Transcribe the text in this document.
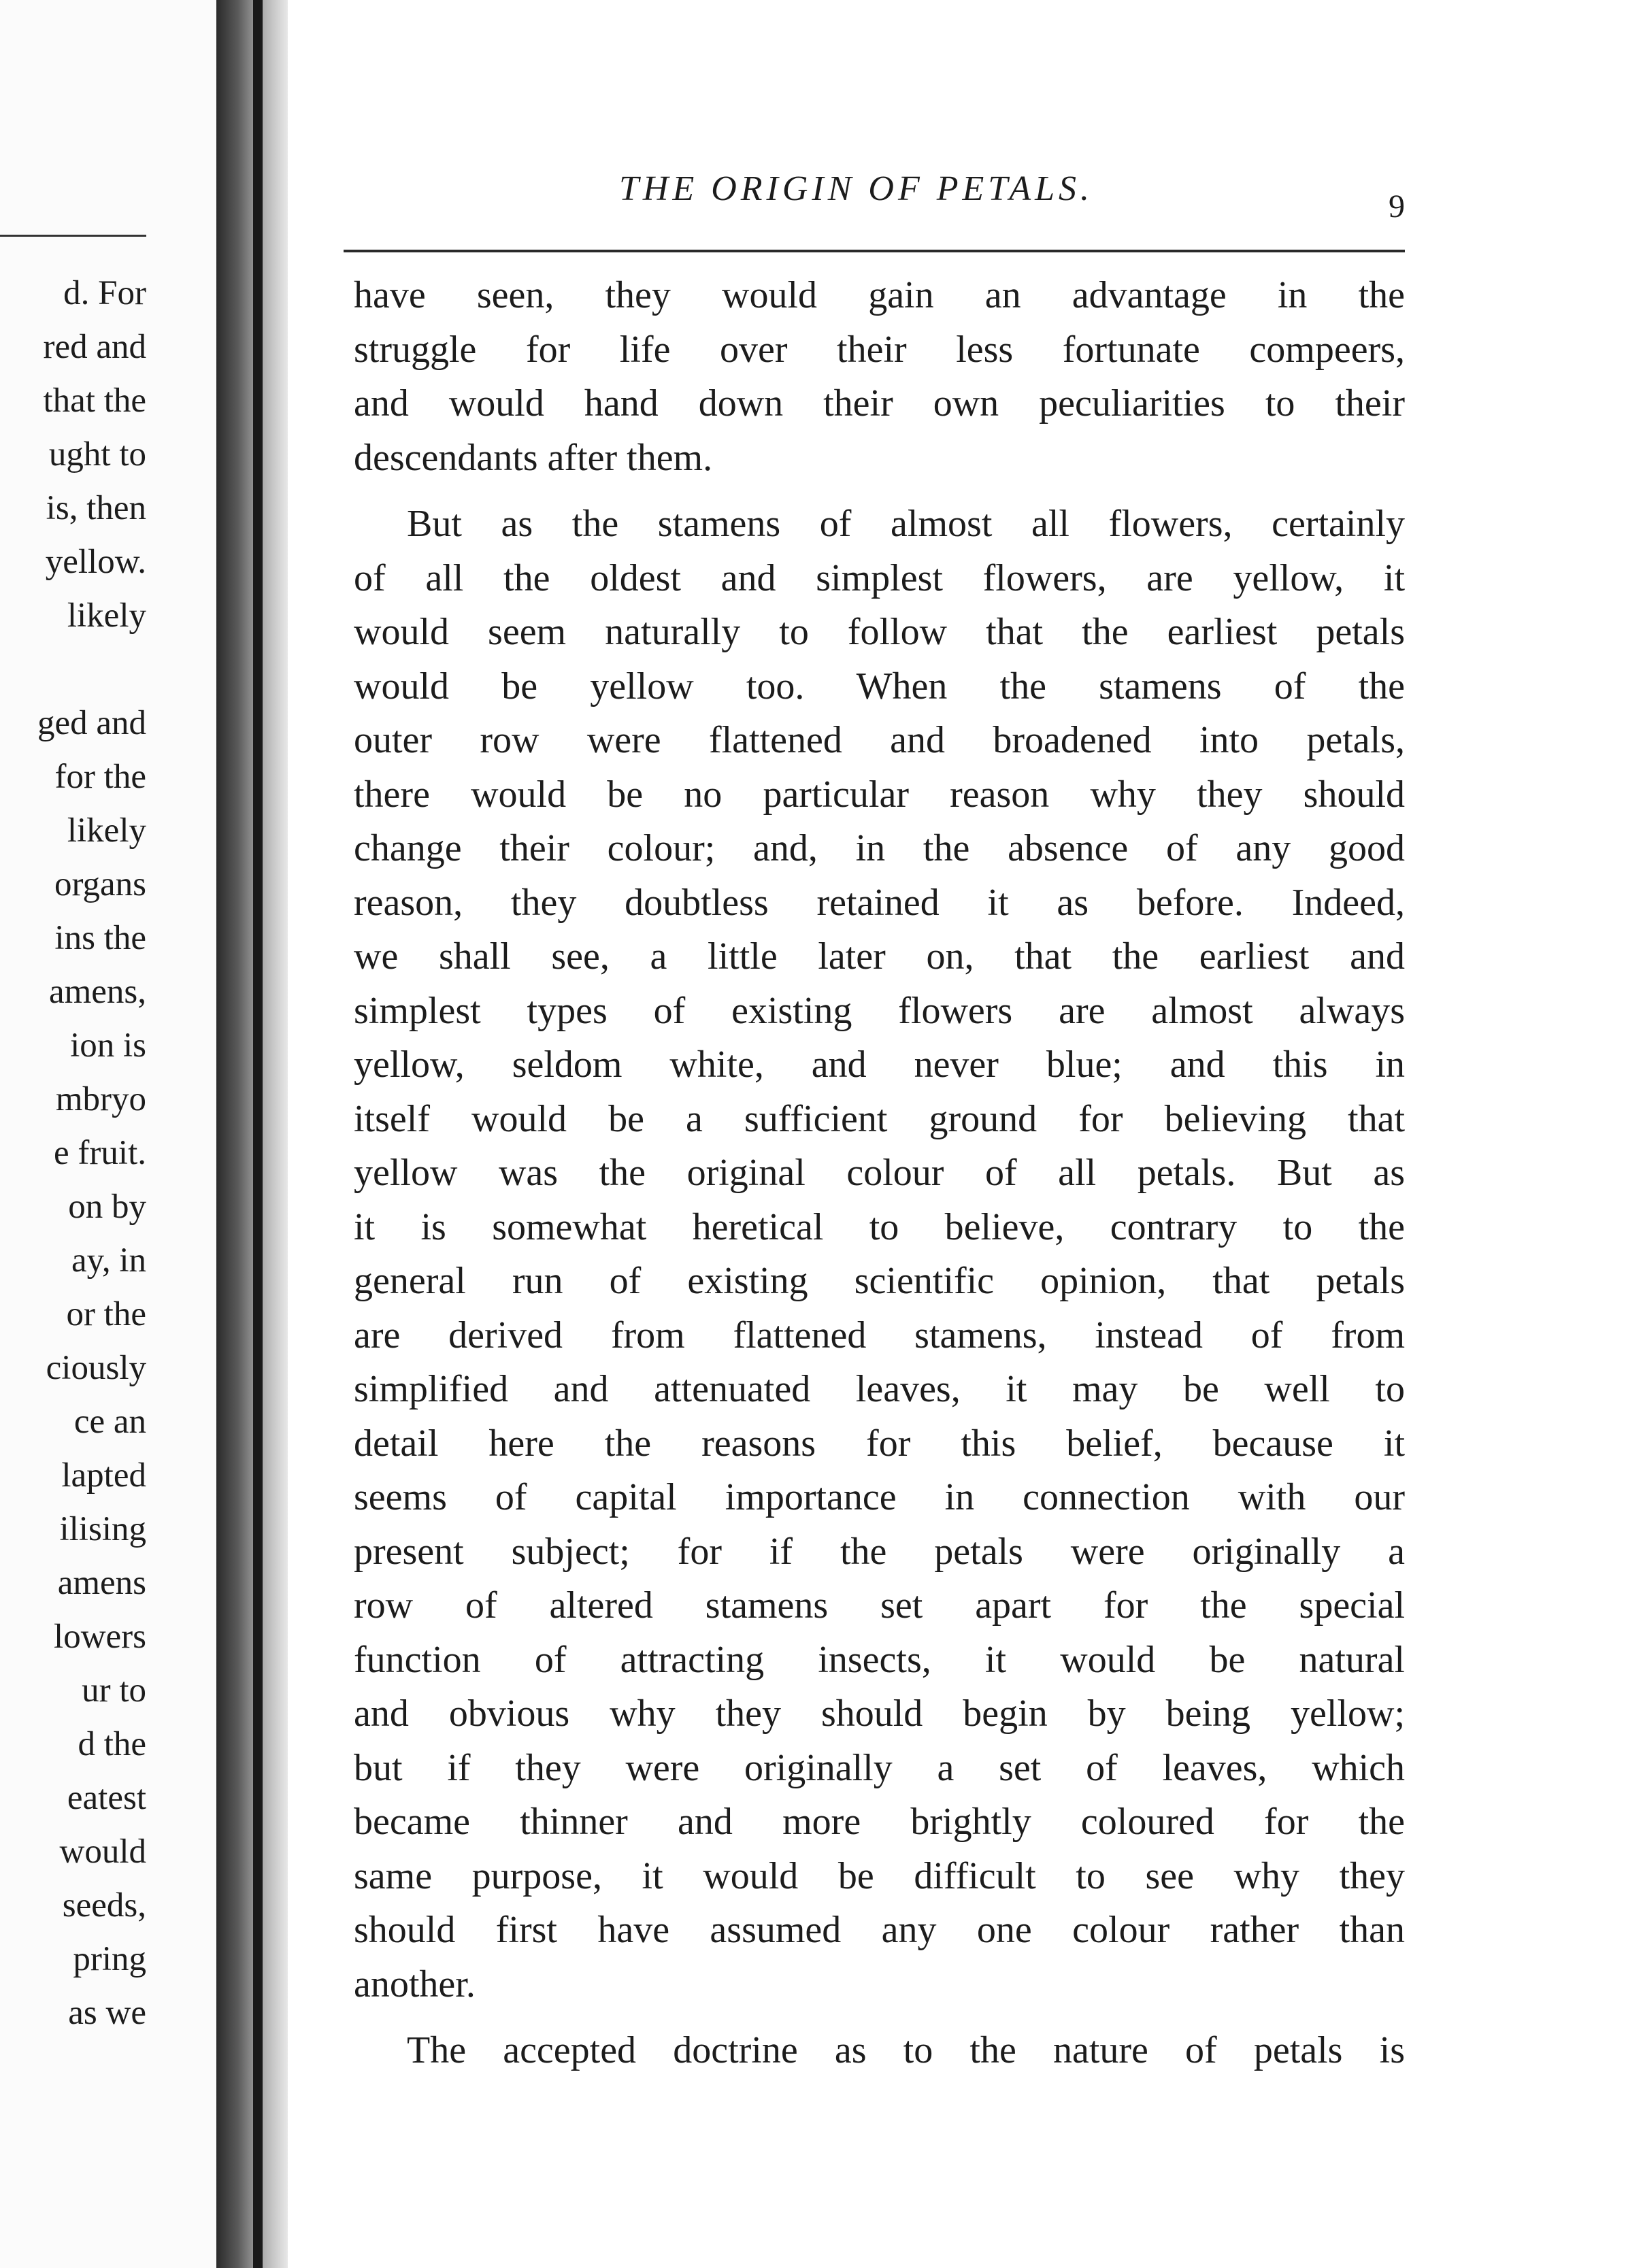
d. For
red and
that the
ught to
is, then
yellow.
likely
ged and
for the
likely
organs
ins the
amens,
ion is
mbryo
e fruit.
on by
ay, in
or the
ciously
ce an
lapted
ilising
amens
lowers
ur to
d the
eatest
would
seeds,
pring
as we
THE ORIGIN OF PETALS.	9
have seen, they would gain an advantage in the
struggle for life over their less fortunate compeers,
and would hand down their own peculiarities to their
descendants after them.
But as the stamens of almost all flowers, certainly
of all the oldest and simplest flowers, are yellow, it
would seem naturally to follow that the earliest petals
would be yellow too. When the stamens of the
outer row were flattened and broadened into petals,
there would be no particular reason why they should
change their colour; and, in the absence of any good
reason, they doubtless retained it as before. Indeed,
we shall see, a little later on, that the earliest and
simplest types of existing flowers are almost always
yellow, seldom white, and never blue; and this in
itself would be a sufficient ground for believing that
yellow was the original colour of all petals. But as
it is somewhat heretical to believe, contrary to the
general run of existing scientific opinion, that petals
are derived from flattened stamens, instead of from
simplified and attenuated leaves, it may be well to
detail here the reasons for this belief, because it
seems of capital importance in connection with our
present subject; for if the petals were originally a
row of altered stamens set apart for the special
function of attracting insects, it would be natural
and obvious why they should begin by being yellow;
but if they were originally a set of leaves, which
became thinner and more brightly coloured for the
same purpose, it would be difficult to see why they
should first have assumed any one colour rather than
another.
The accepted doctrine as to the nature of petals is
